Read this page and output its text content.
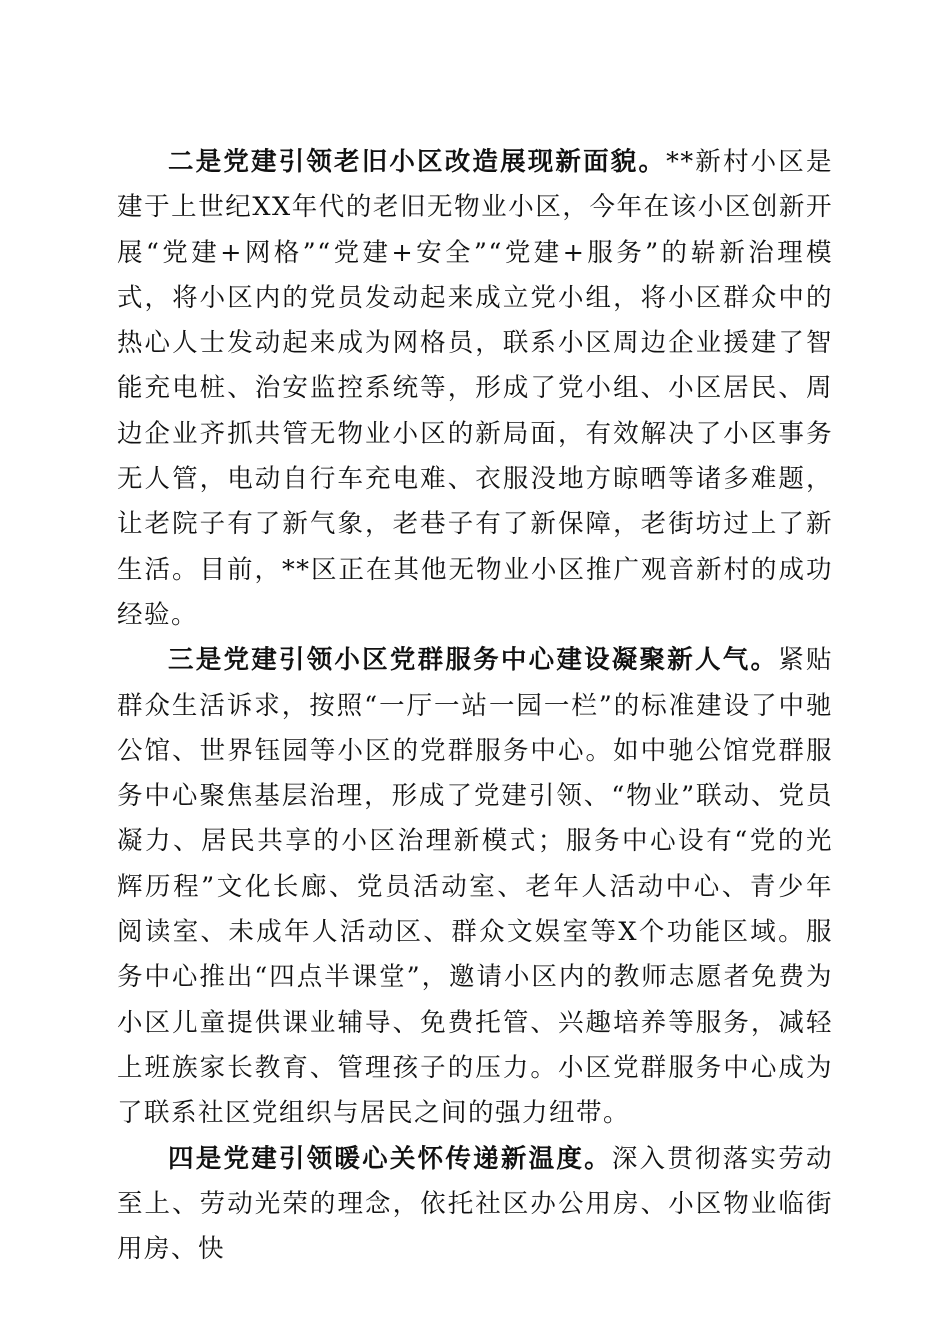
二是党建引领老旧小区改造展现新面貌。**新村小区是建于上世纪XX年代的老旧无物业小区，今年在该小区创新开展“党建+网格”“党建+安全”“党建+服务”的崭新治理模式，将小区内的党员发动起来成立党小组，将小区群众中的热心人士发动起来成为网格员，联系小区周边企业援建了智能充电桩、治安监控系统等，形成了党小组、小区居民、周边企业齐抓共管无物业小区的新局面，有效解决了小区事务无人管，电动自行车充电难、衣服没地方晾晒等诸多难题，让老院子有了新气象，老巷子有了新保障，老街坊过上了新生活。目前，**区正在其他无物业小区推广观音新村的成功经验。

三是党建引领小区党群服务中心建设凝聚新人气。紧贴群众生活诉求，按照“一厅一站一园一栏”的标准建设了中驰公馆、世界钰园等小区的党群服务中心。如中驰公馆党群服务中心聚焦基层治理，形成了党建引领、“物业”联动、党员凝力、居民共享的小区治理新模式；服务中心设有“党的光辉历程”文化长廊、党员活动室、老年人活动中心、青少年阅读室、未成年人活动区、群众文娱室等X个功能区域。服务中心推出“四点半课堂”，邀请小区内的教师志愿者免费为小区儿童提供课业辅导、免费托管、兴趣培养等服务，减轻上班族家长教育、管理孩子的压力。小区党群服务中心成为了联系社区党组织与居民之间的强力纽带。

四是党建引领暖心关怀传递新温度。深入贯彻落实劳动至上、劳动光荣的理念，依托社区办公用房、小区物业临街用房、快
